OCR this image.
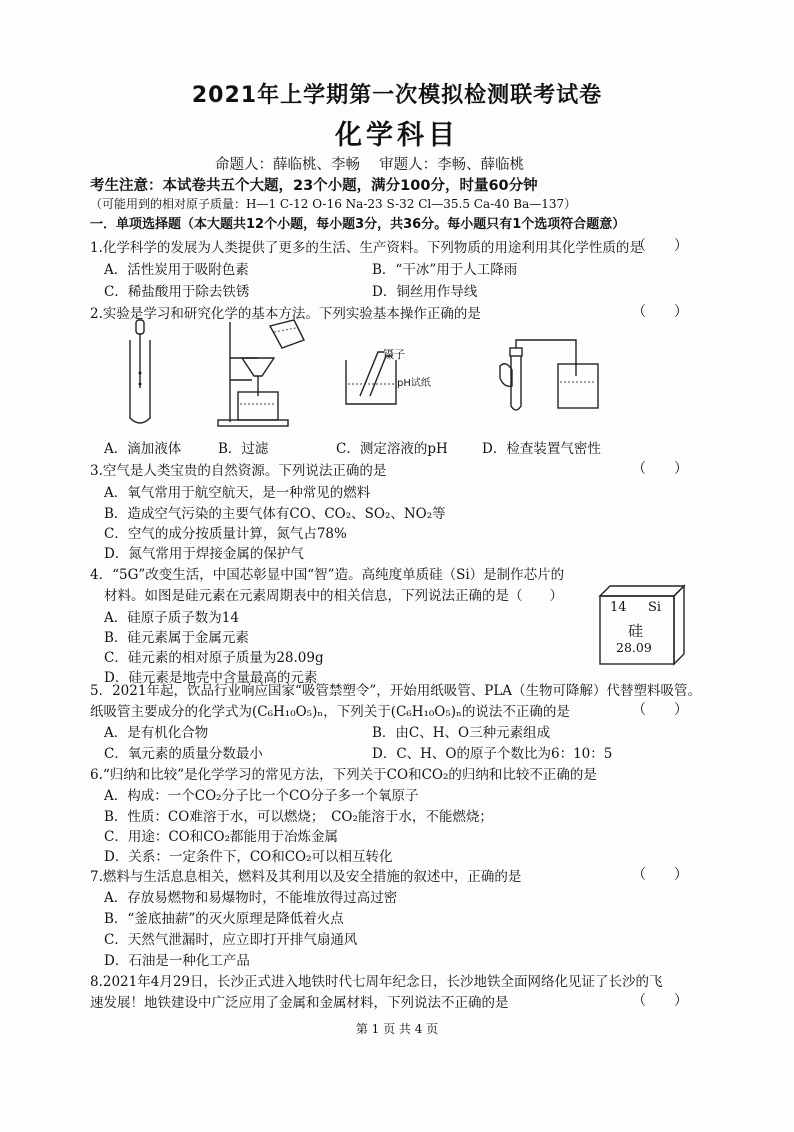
2021年上学期第一次模拟检测联考试卷
化学科目
命题人：薛临桃、李畅　 审题人：李畅、薛临桃
考生注意：本试卷共五个大题，23个小题，满分100分，时量60分钟
（可能用到的相对原子质量：H—1 C-12 O-16 Na-23 S-32 Cl—35.5 Ca-40 Ba—137）
一．单项选择题（本大题共12个小题，每小题3分，共36分。每小题只有1个选项符合题意）
1.化学科学的发展为人类提供了更多的生活、生产资料。下列物质的用途利用其化学性质的是
（　　）
A．活性炭用于吸附色素	B．“干冰”用于人工降雨
C．稀盐酸用于除去铁锈	D．铜丝用作导线
2.实验是学习和研究化学的基本方法。下列实验基本操作正确的是	（　　）
镊子
pH试纸
A．滴加液体	B．过滤	C．测定溶液的pH	D．检查装置气密性
3.空气是人类宝贵的自然资源。下列说法正确的是	（　　）
A．氧气常用于航空航天，是一种常见的燃料
B．造成空气污染的主要气体有CO、CO₂、SO₂、NO₂等
C．空气的成分按质量计算，氮气占78%
D．氮气常用于焊接金属的保护气
4．“5G”改变生活，中国芯彰显中国“智”造。高纯度单质硅（Si）是制作芯片的
材料。如图是硅元素在元素周期表中的相关信息，下列说法正确的是（　　）
A．硅原子质子数为14
B．硅元素属于金属元素
C．硅元素的相对原子质量为28.09g
D．硅元素是地壳中含量最高的元素
14 Si
硅
28.09
5．2021年起，饮品行业响应国家“吸管禁塑令”，开始用纸吸管、PLA（生物可降解）代替塑料吸管。
纸吸管主要成分的化学式为(C₆H₁₀O₅)ₙ，下列关于(C₆H₁₀O₅)ₙ的说法不正确的是	（　　）
A．是有机化合物	B．由C、H、O三种元素组成
C．氧元素的质量分数最小	D．C、H、O的原子个数比为6：10：5
6.“归纳和比较”是化学学习的常见方法，下列关于CO和CO₂的归纳和比较不正确的是
A．构成：一个CO₂分子比一个CO分子多一个氧原子
B．性质：CO难溶于水，可以燃烧；　CO₂能溶于水，不能燃烧；
C．用途：CO和CO₂都能用于冶炼金属
D．关系：一定条件下，CO和CO₂可以相互转化
7.燃料与生活息息相关，燃料及其利用以及安全措施的叙述中，正确的是	（　　）
A．存放易燃物和易爆物时，不能堆放得过高过密
B．“釜底抽薪”的灭火原理是降低着火点
C．天然气泄漏时，应立即打开排气扇通风
D．石油是一种化工产品
8.2021年4月29日，长沙正式进入地铁时代七周年纪念日，长沙地铁全面网络化见证了长沙的飞
速发展！地铁建设中广泛应用了金属和金属材料，下列说法不正确的是	（　　）
第 1 页 共 4 页
